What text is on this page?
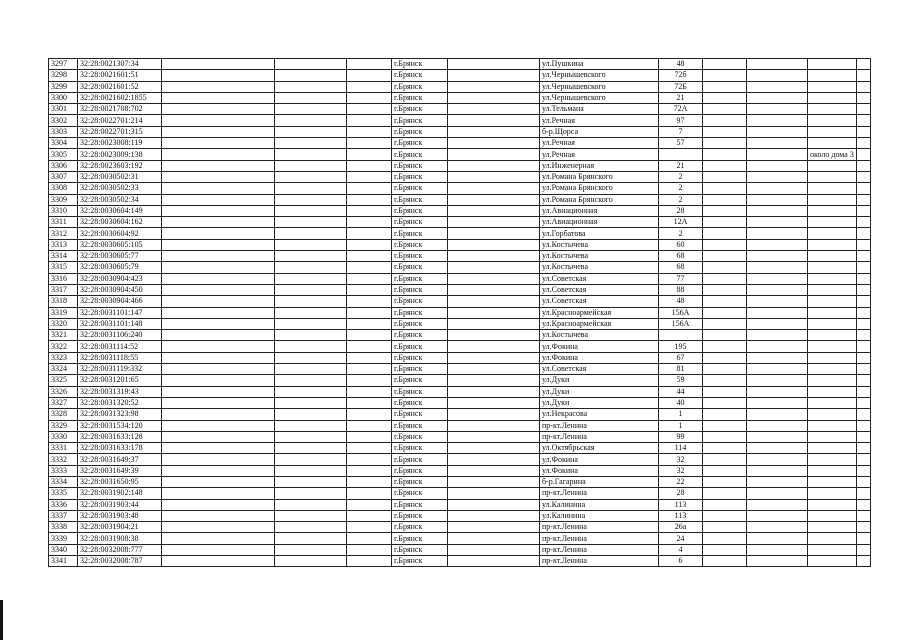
3297	32:28:0021307:34				г.Брянск		ул.Пушкина	48				
3298	32:28:0021601:51				г.Брянск		ул.Чернышевского	72б				
3299	32:28:0021601:52				г.Брянск		ул.Чернышевского	72Б				
3300	32:28:0021602:1855				г.Брянск		ул.Чернышевского	21				
3301	32:28:0021708:702				г.Брянск		ул.Тельмана	72А				
3302	32:28:0022701:214				г.Брянск		ул.Речная	97				
3303	32:28:0022701:315				г.Брянск		б-р.Щорса	7				
3304	32:28:0023008:119				г.Брянск		ул.Речная	57				
3305	32:28:0023009:138				г.Брянск		ул.Речная				около дома 3	
3306	32:28:0023603:192				г.Брянск		ул.Инженерная	21				
3307	32:28:0030502:31				г.Брянск		ул.Романа Брянского	2				
3308	32:28:0030502:33				г.Брянск		ул.Романа Брянского	2				
3309	32:28:0030502:34				г.Брянск		ул.Романа Брянского	2				
3310	32:28:0030604:149				г.Брянск		ул.Авиационная	28				
3311	32:28:0030604:162				г.Брянск		ул.Авиационная	12А				
3312	32:28:0030604:92				г.Брянск		ул.Горбатова	2				
3313	32:28:0030605:105				г.Брянск		ул.Костычева	60				
3314	32:28:0030605:77				г.Брянск		ул.Костычева	68				
3315	32:28:0030605:79				г.Брянск		ул.Костычева	68				
3316	32:28:0030904:423				г.Брянск		ул.Советская	77				
3317	32:28:0030904:450				г.Брянск		ул.Советская	88				
3318	32:28:0030904:466				г.Брянск		ул.Советская	48				
3319	32:28:0031101:147				г.Брянск		ул.Красноармейская	156А				
3320	32:28:0031101:148				г.Брянск		ул.Красноармейская	156А				
3321	32:28:0031106:240				г.Брянск		ул.Костычева					
3322	32:28:0031114:52				г.Брянск		ул.Фокина	195				
3323	32:28:0031118:55				г.Брянск		ул.Фокина	67				
3324	32:28:0031119:332				г.Брянск		ул.Советская	81				
3325	32:28:0031201:65				г.Брянск		ул.Дуки	59				
3326	32:28:0031319:43				г.Брянск		ул.Дуки	44				
3327	32:28:0031320:52				г.Брянск		ул.Дуки	40				
3328	32:28:0031323:98				г.Брянск		ул.Некрасова	1				
3329	32:28:0031534:120				г.Брянск		пр-кт.Ленина	1				
3330	32:28:0031633:128				г.Брянск		пр-кт.Ленина	99				
3331	32:28:0031633:178				г.Брянск		ул.Октябрьская	114				
3332	32:28:0031649:37				г.Брянск		ул.Фокина	32				
3333	32:28:0031649:39				г.Брянск		ул.Фокина	32				
3334	32:28:0031650:95				г.Брянск		б-р.Гагарина	22				
3335	32:28:0031902:148				г.Брянск		пр-кт.Ленина	28				
3336	32:28:0031903:44				г.Брянск		ул.Калинина	113				
3337	32:28:0031903:48				г.Брянск		ул.Калинина	113				
3338	32:28:0031904:21				г.Брянск		пр-кт.Ленина	26а				
3339	32:28:0031908:38				г.Брянск		пр-кт.Ленина	24				
3340	32:28:0032008:777				г.Брянск		пр-кт.Ленина	4				
3341	32:28:0032008:787				г.Брянск		пр-кт.Ленина	6				
